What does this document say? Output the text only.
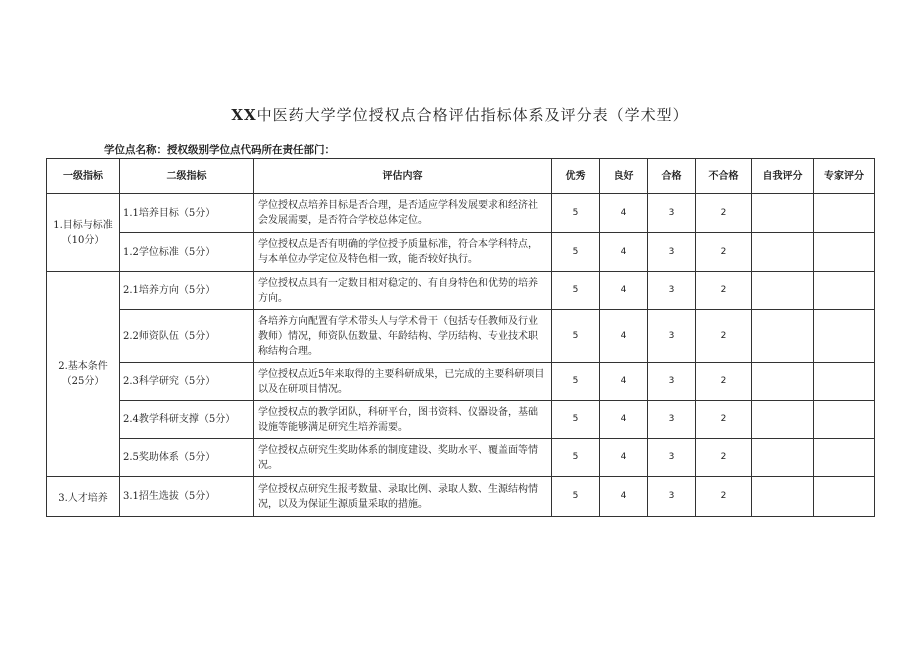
XX中医药大学学位授权点合格评估指标体系及评分表（学术型）
学位点名称：授权级别学位点代码所在责任部门：
一级指标	二级指标	评估内容	优秀	良好	合格	不合格	自我评分	专家评分
1.目标与标准（10分）	1.1培养目标（5分）	学位授权点培养目标是否合理，是否适应学科发展要求和经济社会发展需要，是否符合学校总体定位。	5	4	3	2		
	1.2学位标准（5分）	学位授权点是否有明确的学位授予质量标准，符合本学科特点，与本单位办学定位及特色相一致，能否较好执行。	5	4	3	2		
2.基本条件（25分）	2.1培养方向（5分）	学位授权点具有一定数目相对稳定的、有自身特色和优势的培养方向。	5	4	3	2		
	2.2师资队伍（5分）	各培养方向配置有学术带头人与学术骨干（包括专任教师及行业教师）情况，师资队伍数量、年龄结构、学历结构、专业技术职称结构合理。	5	4	3	2		
	2.3科学研究（5分）	学位授权点近5年来取得的主要科研成果，已完成的主要科研项目以及在研项目情况。	5	4	3	2		
	2.4教学科研支撑（5分）	学位授权点的教学团队，科研平台，图书资料、仪器设备，基础设施等能够满足研究生培养需要。	5	4	3	2		
	2.5奖助体系（5分）	学位授权点研究生奖助体系的制度建设、奖助水平、覆盖面等情况。	5	4	3	2		
3.人才培养	3.1招生选拔（5分）	学位授权点研究生报考数量、录取比例、录取人数、生源结构情况，以及为保证生源质量采取的措施。	5	4	3	2		
